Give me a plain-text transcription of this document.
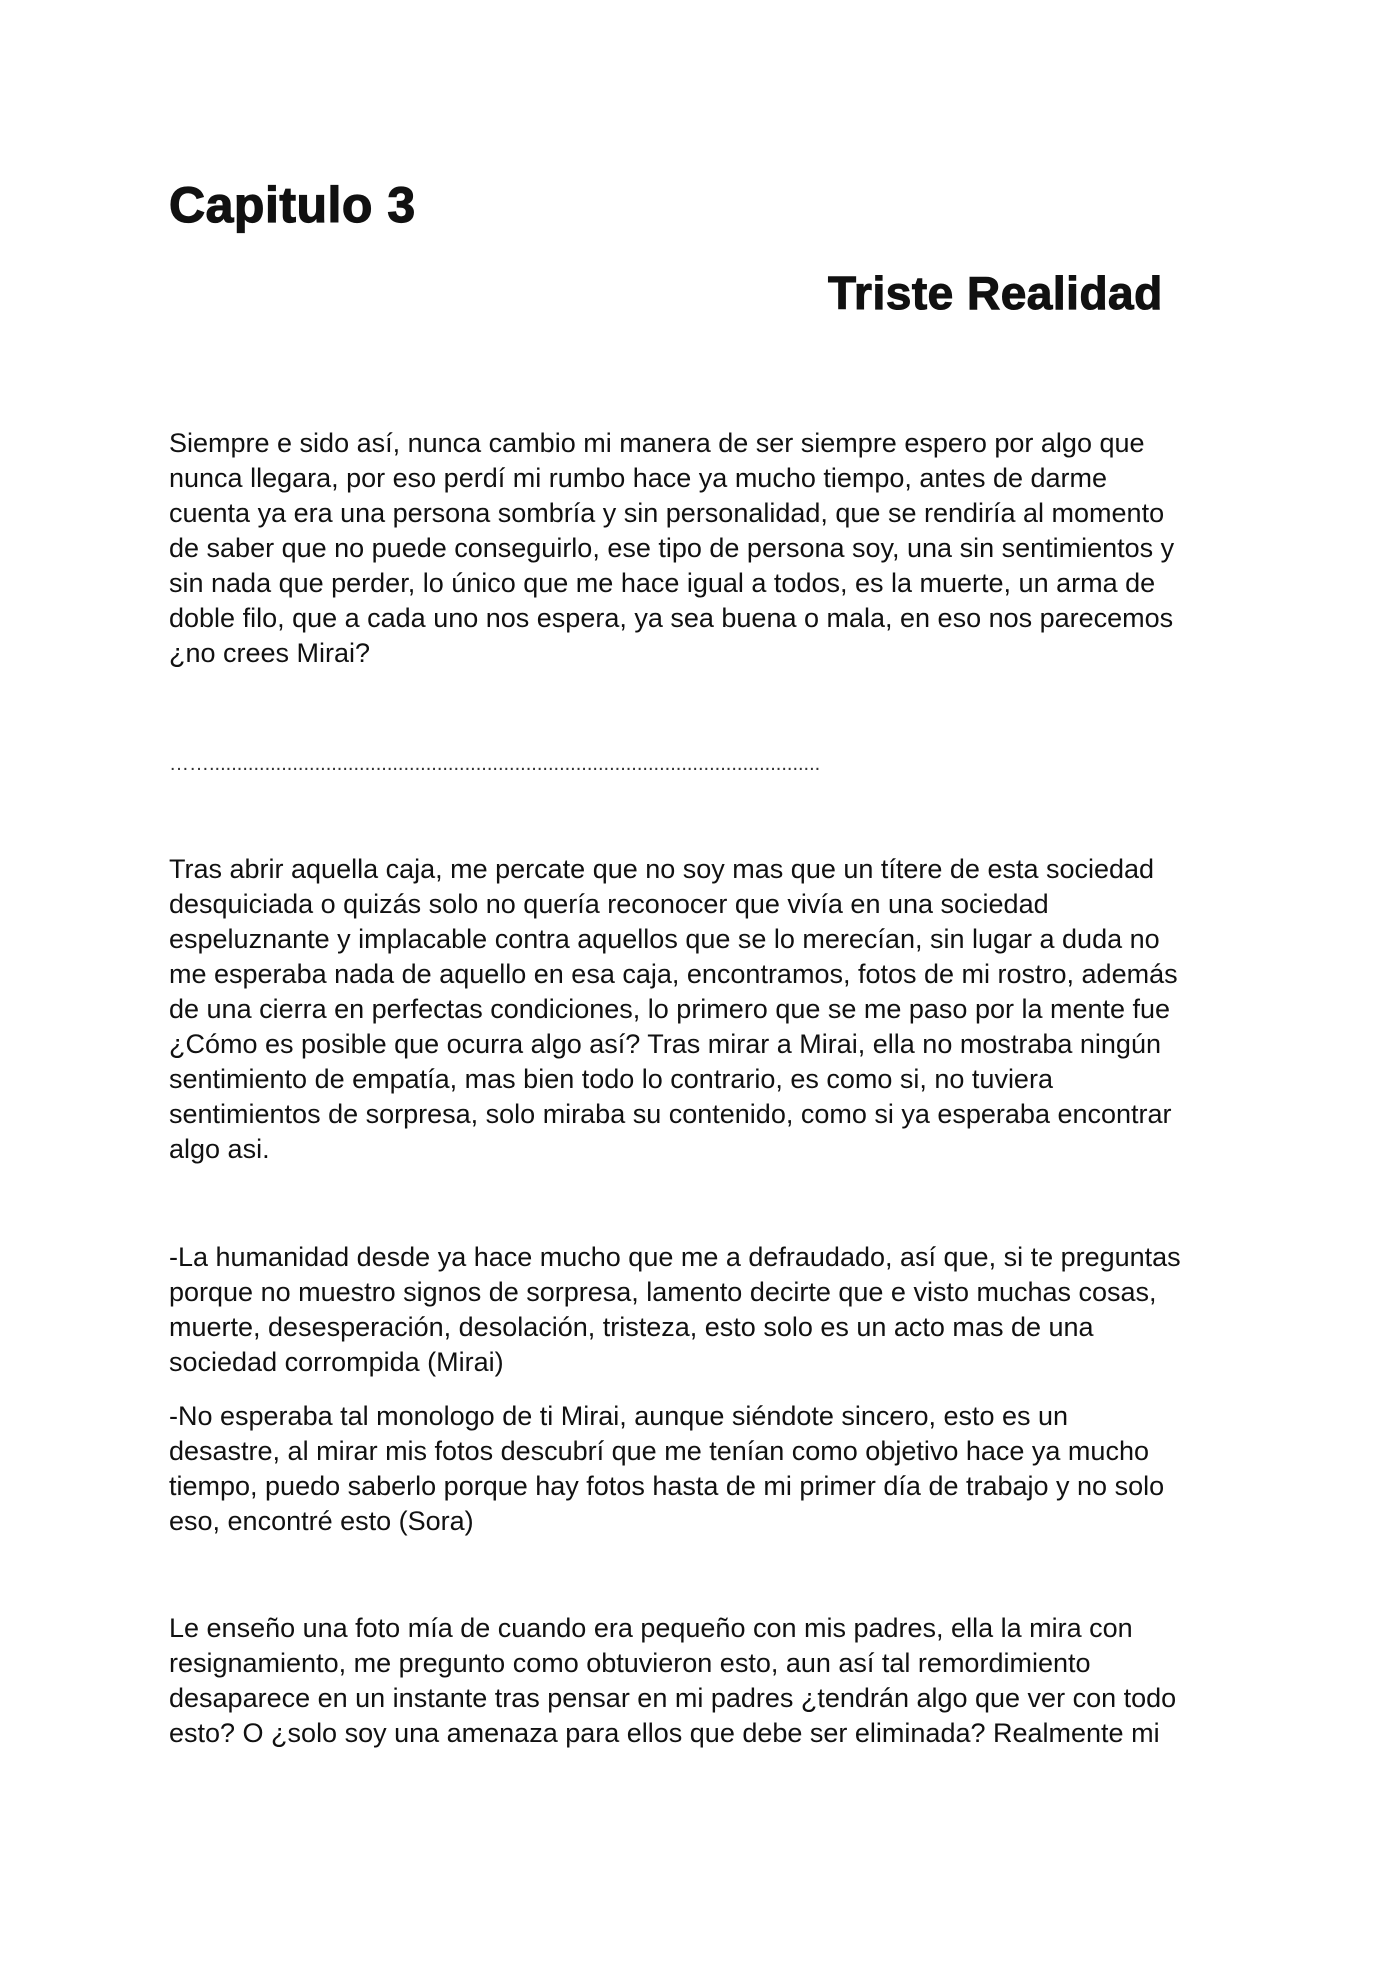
Capitulo 3
Triste Realidad
Siempre e sido así, nunca cambio mi manera de ser siempre espero por algo que
nunca llegara, por eso perdí mi rumbo hace ya mucho tiempo, antes de darme
cuenta ya era una persona sombría y sin personalidad, que se rendiría al momento
de saber que no puede conseguirlo, ese tipo de persona soy, una sin sentimientos y
sin nada que perder, lo único que me hace igual a todos, es la muerte, un arma de
doble filo, que a cada uno nos espera, ya sea buena o mala, en eso nos parecemos
¿no crees Mirai?
……..............................................................................................................
Tras abrir aquella caja, me percate que no soy mas que un títere de esta sociedad
desquiciada o quizás solo no quería reconocer que vivía en una sociedad
espeluznante y implacable contra aquellos que se lo merecían, sin lugar a duda no
me esperaba nada de aquello en esa caja, encontramos, fotos de mi rostro, además
de una cierra en perfectas condiciones, lo primero que se me paso por la mente fue
¿Cómo es posible que ocurra algo así? Tras mirar a Mirai, ella no mostraba ningún
sentimiento de empatía, mas bien todo lo contrario, es como si, no tuviera
sentimientos de sorpresa, solo miraba su contenido, como si ya esperaba encontrar
algo asi.
-La humanidad desde ya hace mucho que me a defraudado, así que, si te preguntas
porque no muestro signos de sorpresa, lamento decirte que e visto muchas cosas,
muerte, desesperación, desolación, tristeza, esto solo es un acto mas de una
sociedad corrompida (Mirai)
-No esperaba tal monologo de ti Mirai, aunque siéndote sincero, esto es un
desastre, al mirar mis fotos descubrí que me tenían como objetivo hace ya mucho
tiempo, puedo saberlo porque hay fotos hasta de mi primer día de trabajo y no solo
eso, encontré esto (Sora)
Le enseño una foto mía de cuando era pequeño con mis padres, ella la mira con
resignamiento, me pregunto como obtuvieron esto, aun así tal remordimiento
desaparece en un instante tras pensar en mi padres ¿tendrán algo que ver con todo
esto? O ¿solo soy una amenaza para ellos que debe ser eliminada? Realmente mi
